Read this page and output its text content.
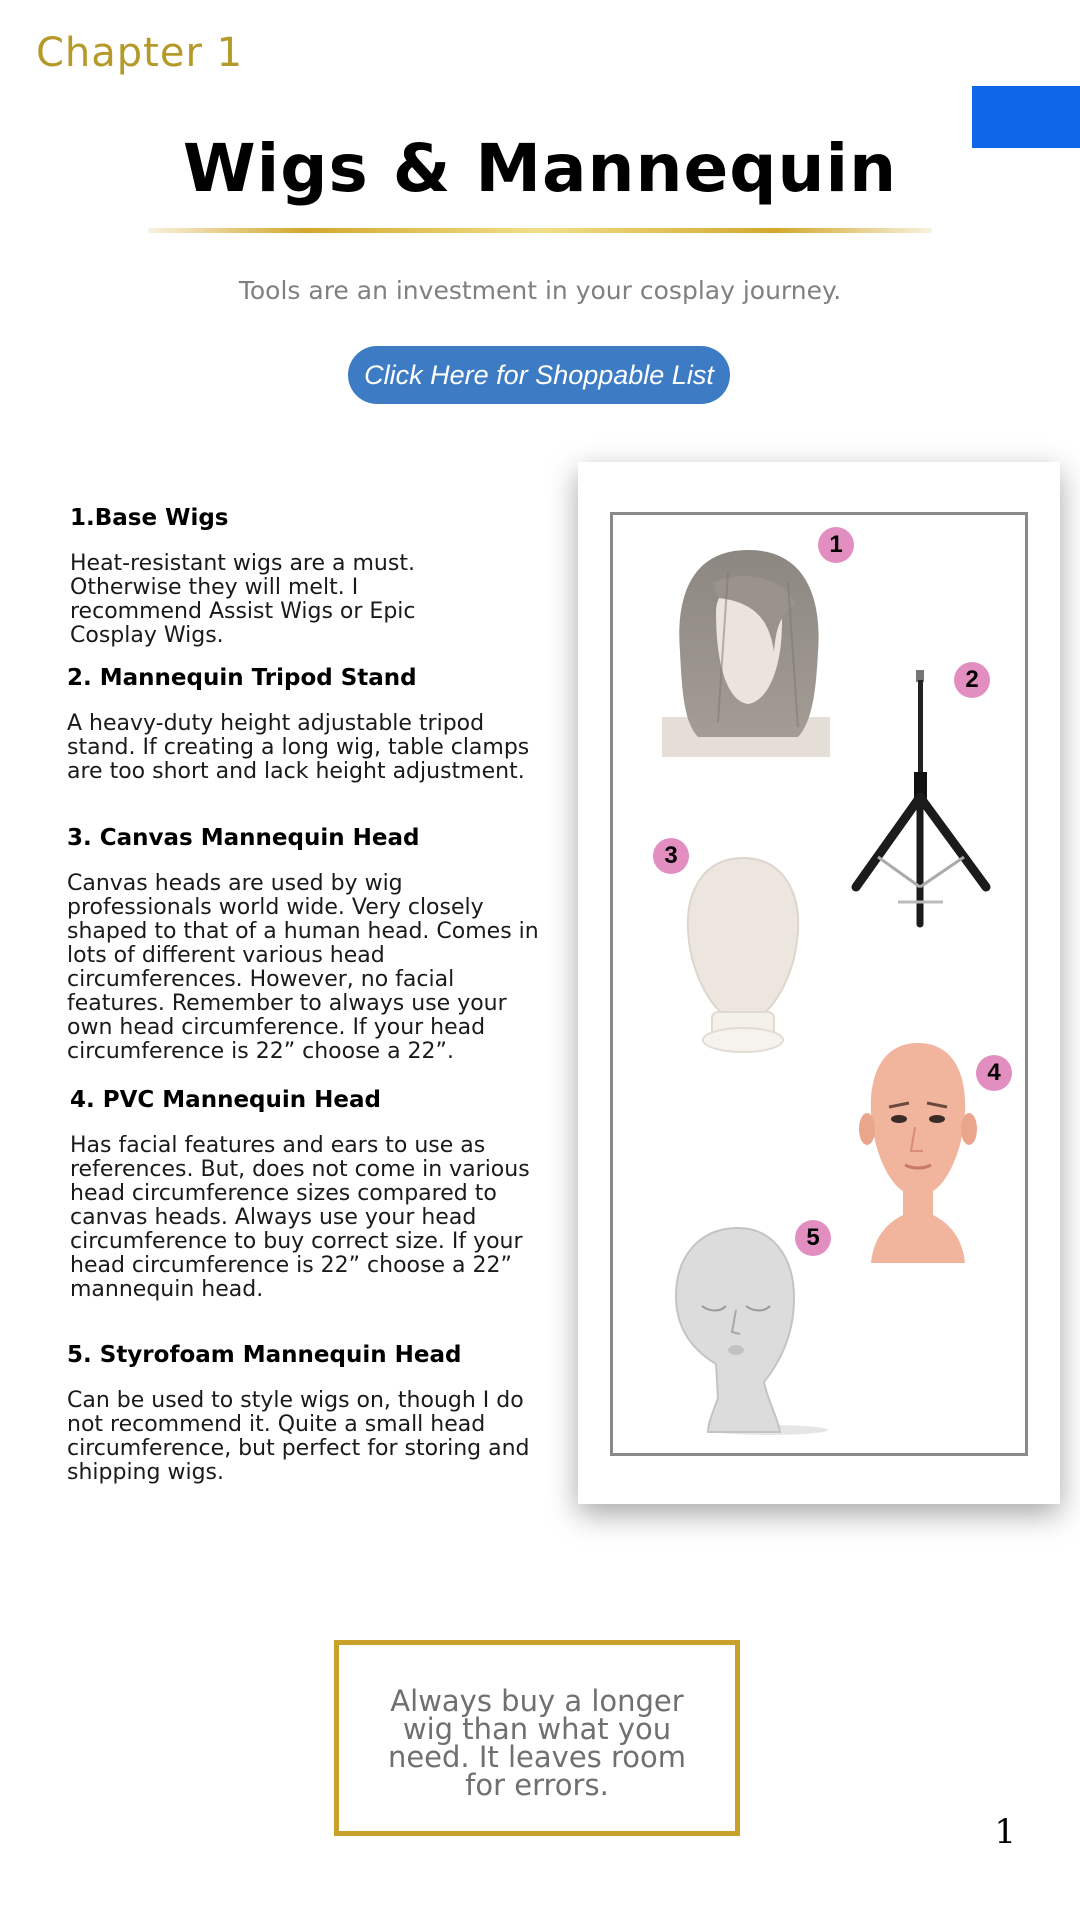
Chapter 1
Wigs & Mannequin
Tools are an investment in your cosplay journey.
Click Here for Shoppable List
1.Base Wigs
Heat-resistant wigs are a must. Otherwise they will melt. I recommend Assist Wigs or Epic Cosplay Wigs.
2. Mannequin Tripod Stand
A heavy-duty height adjustable tripod stand. If creating a long wig, table clamps are too short and lack height adjustment.
3. Canvas Mannequin Head
Canvas heads are used by wig professionals world wide. Very closely shaped to that of a human head. Comes in lots of different various head circumferences. However, no facial features. Remember to always use your own head circumference. If your head circumference is 22” choose a 22”.
4. PVC Mannequin Head
Has facial features and ears to use as references. But, does not come in various head circumference sizes compared to canvas heads. Always use your head circumference to buy correct size. If your head circumference is 22” choose a 22” mannequin head.
5. Styrofoam Mannequin Head
Can be used to style wigs on, though I do not recommend it. Quite a small head circumference, but perfect for storing and shipping wigs.
1
2
3
4
5
Always buy a longer wig than what you need. It leaves room for errors.
1
